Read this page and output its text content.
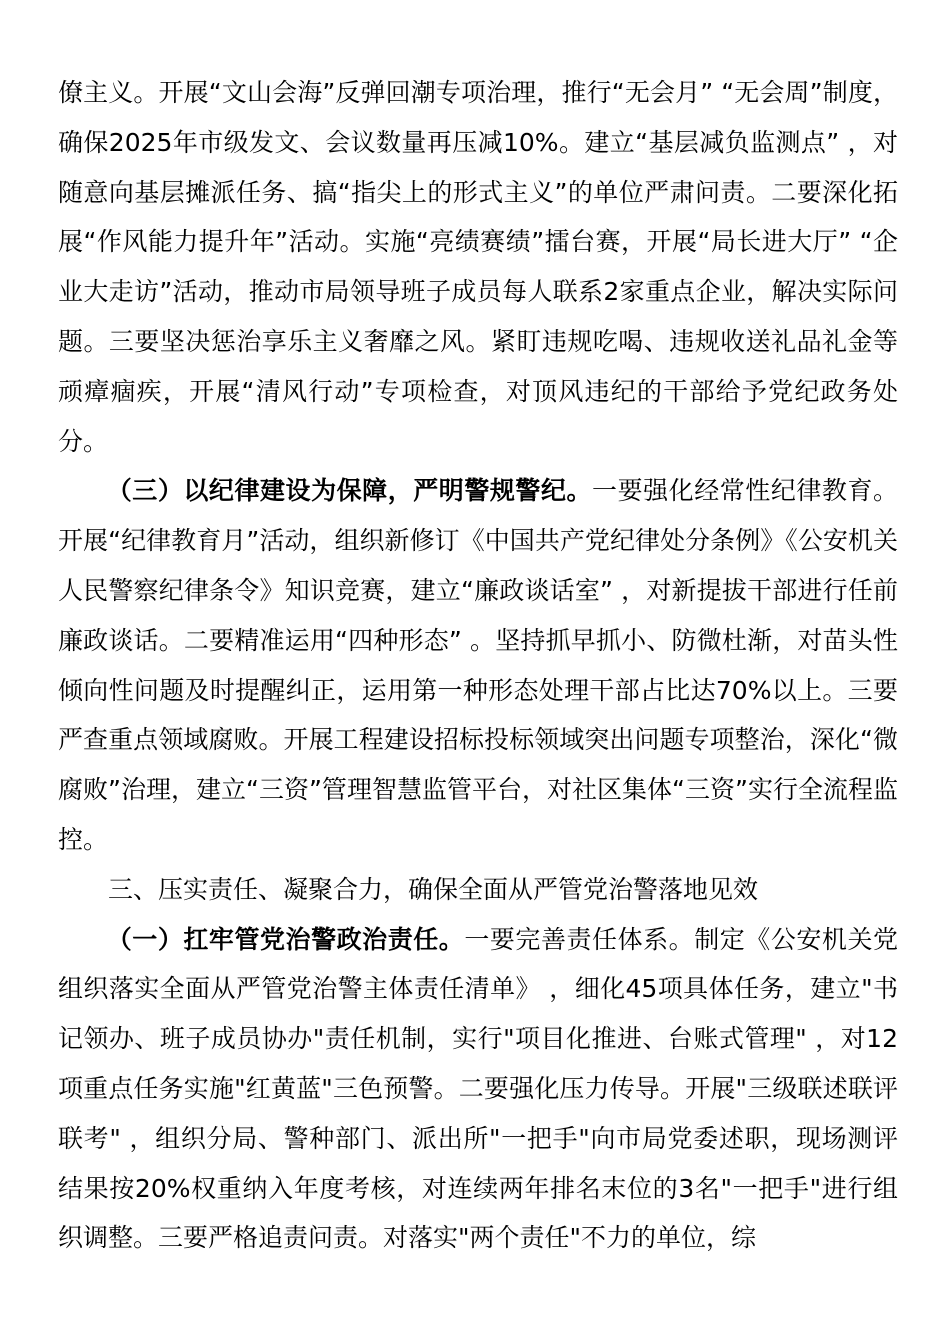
僚主义。开展“文山会海”反弹回潮专项治理，推行“无会月” “无会周”制度，确保2025年市级发文、会议数量再压减10%。建立“基层减负监测点” ，对随意向基层摊派任务、搞“指尖上的形式主义”的单位严肃问责。二要深化拓展“作风能力提升年”活动。实施“亮绩赛绩”擂台赛，开展“局长进大厅” “企业大走访”活动，推动市局领导班子成员每人联系2家重点企业，解决实际问题。三要坚决惩治享乐主义奢靡之风。紧盯违规吃喝、违规收送礼品礼金等顽瘴痼疾，开展“清风行动”专项检查，对顶风违纪的干部给予党纪政务处分。

（三）以纪律建设为保障，严明警规警纪。一要强化经常性纪律教育。开展“纪律教育月”活动，组织新修订《中国共产党纪律处分条例》《公安机关人民警察纪律条令》知识竞赛，建立“廉政谈话室” ，对新提拔干部进行任前廉政谈话。二要精准运用“四种形态” 。坚持抓早抓小、防微杜渐，对苗头性倾向性问题及时提醒纠正，运用第一种形态处理干部占比达70%以上。三要严查重点领域腐败。开展工程建设招标投标领域突出问题专项整治，深化“微腐败”治理，建立“三资”管理智慧监管平台，对社区集体“三资”实行全流程监控。

三、压实责任、凝聚合力，确保全面从严管党治警落地见效

（一）扛牢管党治警政治责任。一要完善责任体系。制定《公安机关党组织落实全面从严管党治警主体责任清单》 ，细化45项具体任务，建立"书记领办、班子成员协办"责任机制，实行"项目化推进、台账式管理" ，对12项重点任务实施"红黄蓝"三色预警。二要强化压力传导。开展"三级联述联评联考" ，组织分局、警种部门、派出所"一把手"向市局党委述职，现场测评结果按20%权重纳入年度考核，对连续两年排名末位的3名"一把手"进行组织调整。三要严格追责问责。对落实"两个责任"不力的单位，综
